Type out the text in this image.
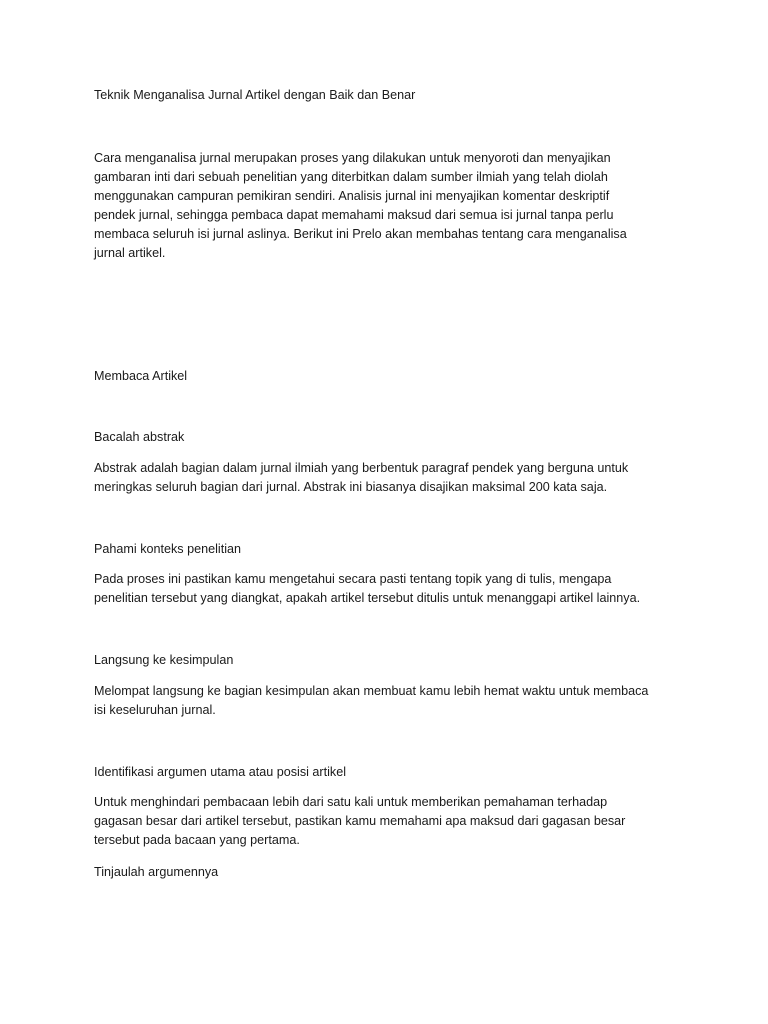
Teknik Menganalisa Jurnal Artikel dengan Baik dan Benar
Cara menganalisa jurnal merupakan proses yang dilakukan untuk menyoroti dan menyajikan
gambaran inti dari sebuah penelitian yang diterbitkan dalam sumber ilmiah yang telah diolah
menggunakan campuran pemikiran sendiri. Analisis jurnal ini menyajikan komentar deskriptif
pendek jurnal, sehingga pembaca dapat memahami maksud dari semua isi jurnal tanpa perlu
membaca seluruh isi jurnal aslinya. Berikut ini Prelo akan membahas tentang cara menganalisa
jurnal artikel.
Membaca Artikel
Bacalah abstrak
Abstrak adalah bagian dalam jurnal ilmiah yang berbentuk paragraf pendek yang berguna untuk
meringkas seluruh bagian dari jurnal. Abstrak ini biasanya disajikan maksimal 200 kata saja.
Pahami konteks penelitian
Pada proses ini pastikan kamu mengetahui secara pasti tentang topik yang di tulis, mengapa
penelitian tersebut yang diangkat, apakah artikel tersebut ditulis untuk menanggapi artikel lainnya.
Langsung ke kesimpulan
Melompat langsung ke bagian kesimpulan akan membuat kamu lebih hemat waktu untuk membaca
isi keseluruhan jurnal.
Identifikasi argumen utama atau posisi artikel
Untuk menghindari pembacaan lebih dari satu kali untuk memberikan pemahaman terhadap
gagasan besar dari artikel tersebut, pastikan kamu memahami apa maksud dari gagasan besar
tersebut pada bacaan yang pertama.
Tinjaulah argumennya
